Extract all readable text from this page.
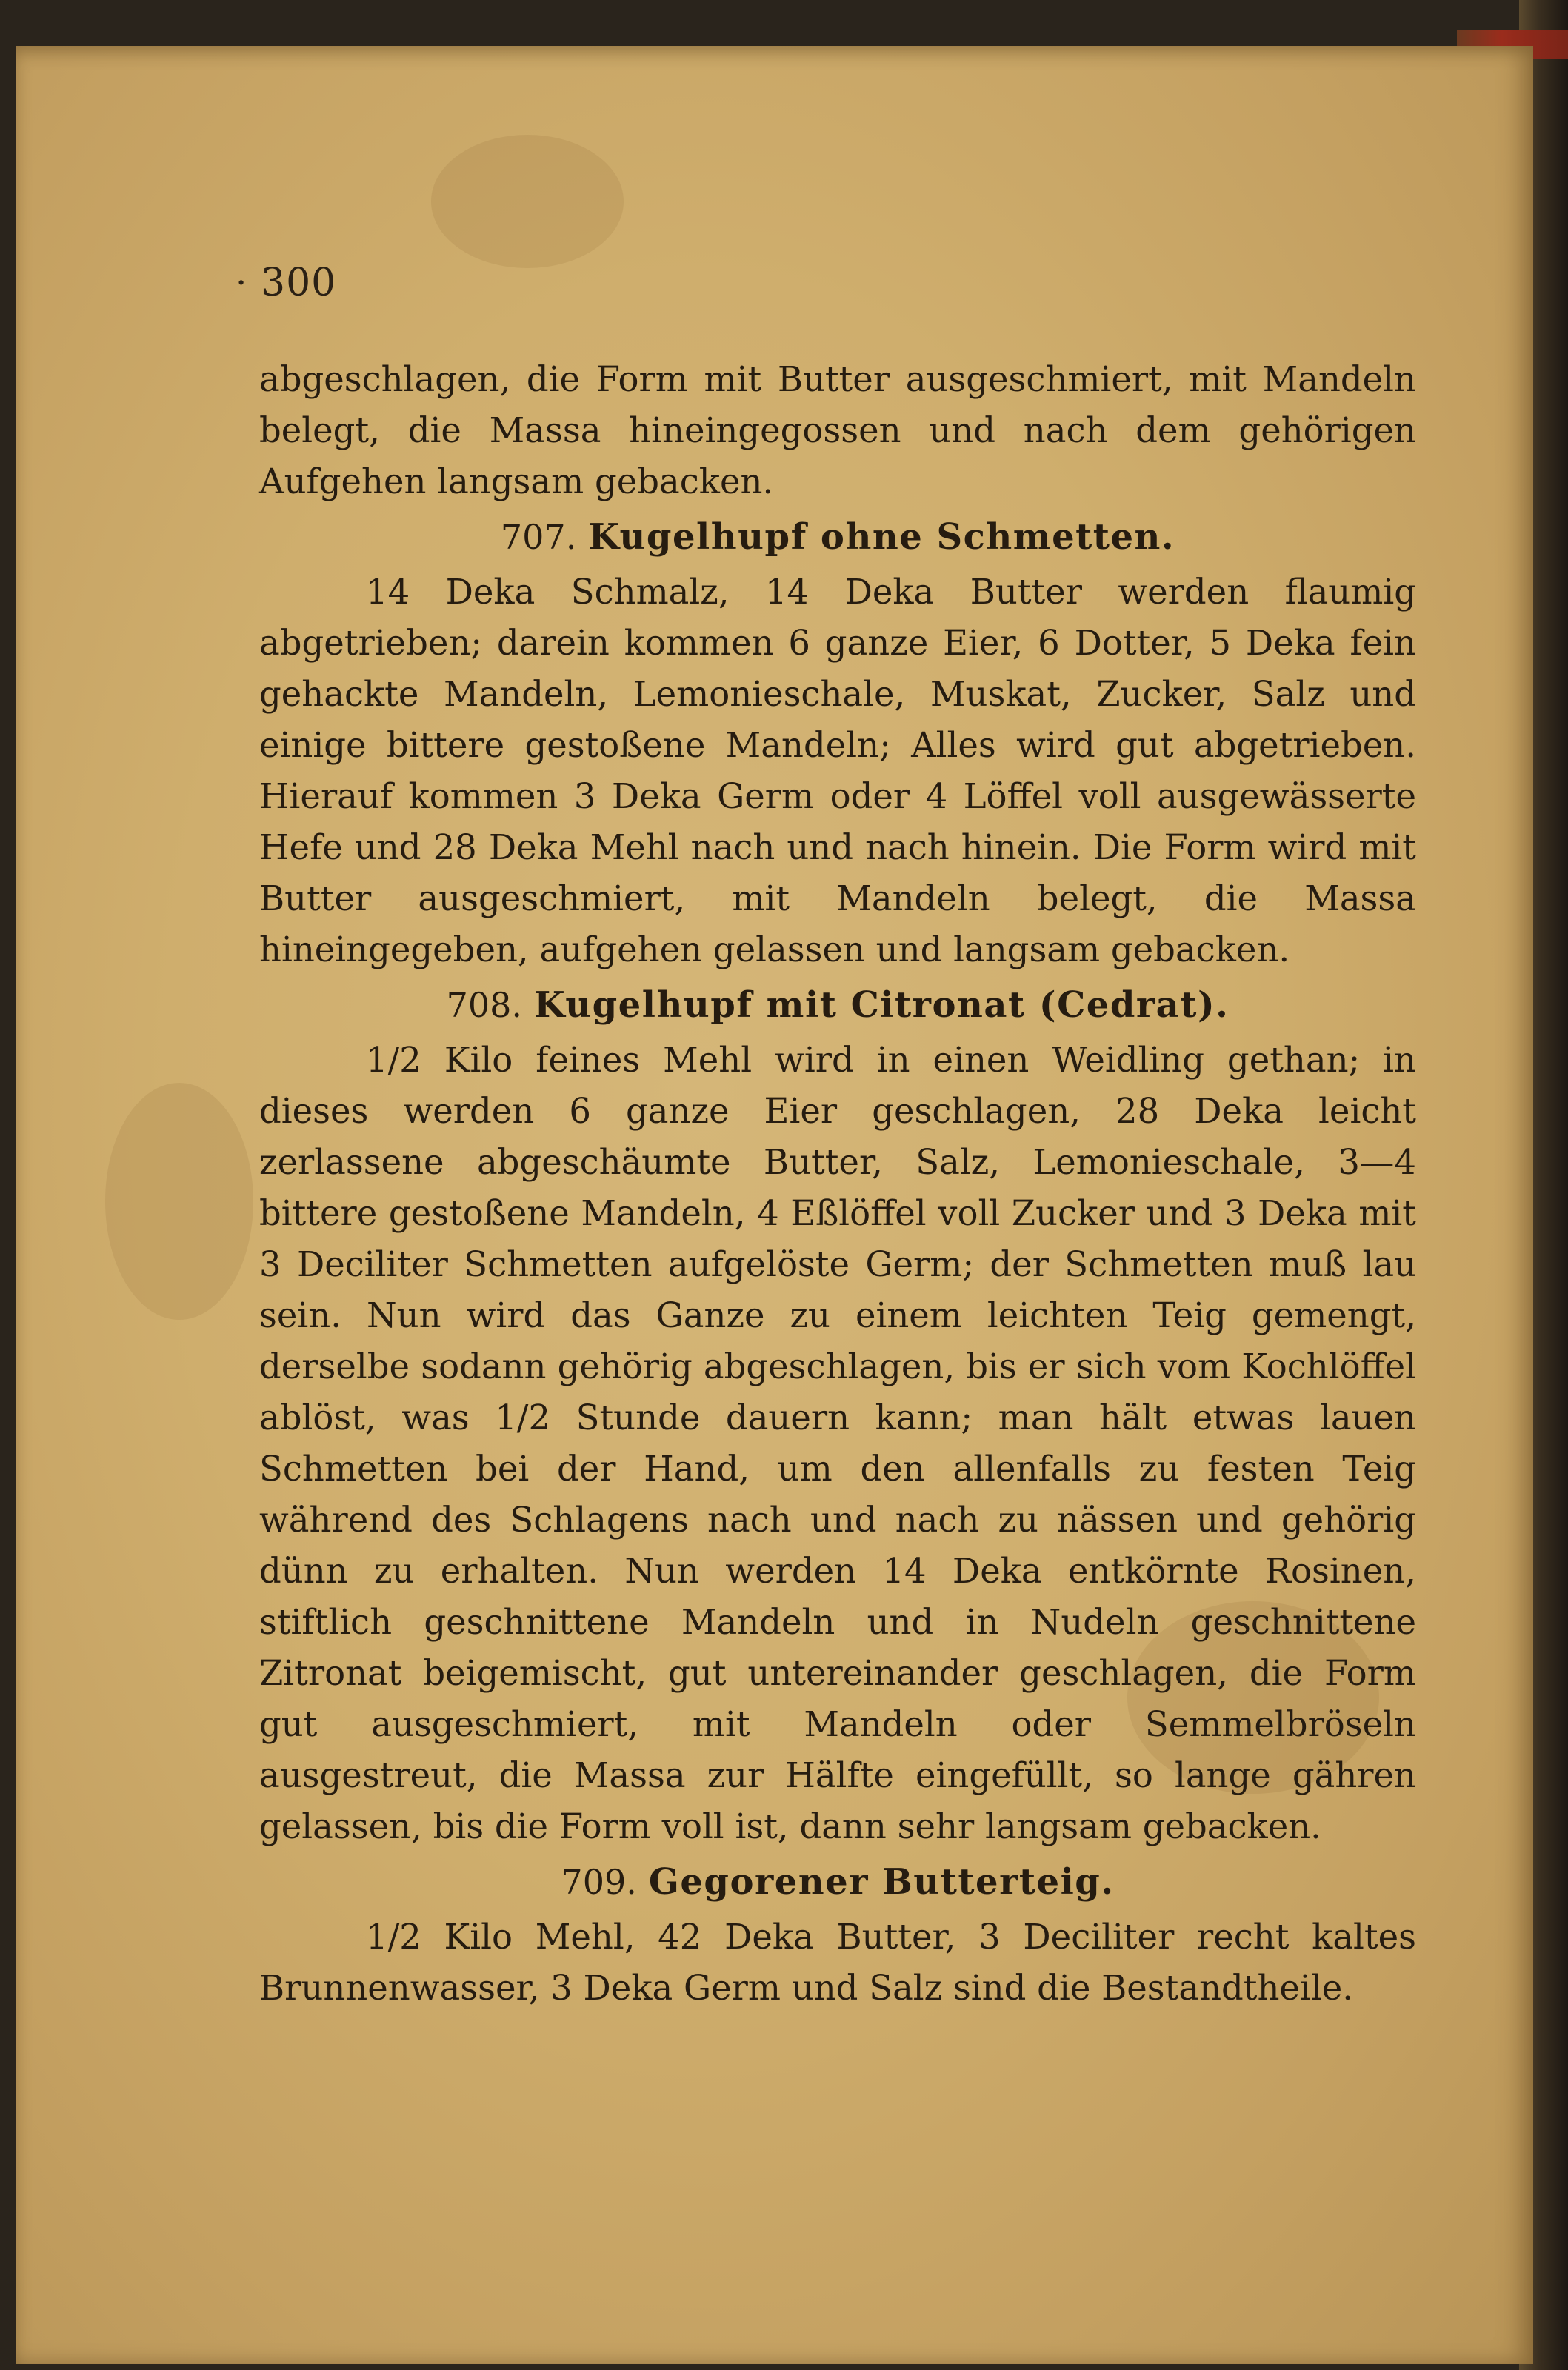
· 300

abgeschlagen, die Form mit Butter ausgeschmiert, mit Mandeln belegt, die Massa hineingegossen und nach dem gehörigen Aufgehen langsam gebacken.

707. Kugelhupf ohne Schmetten.

14 Deka Schmalz, 14 Deka Butter werden flaumig abgetrieben; darein kommen 6 ganze Eier, 6 Dotter, 5 Deka fein gehackte Mandeln, Lemonieschale, Muskat, Zucker, Salz und einige bittere gestoßene Mandeln; Alles wird gut abgetrieben. Hierauf kommen 3 Deka Germ oder 4 Löffel voll ausgewässerte Hefe und 28 Deka Mehl nach und nach hinein. Die Form wird mit Butter ausgeschmiert, mit Mandeln belegt, die Massa hineingegeben, aufgehen gelassen und langsam gebacken.

708. Kugelhupf mit Citronat (Cedrat).

1/2 Kilo feines Mehl wird in einen Weidling gethan; in dieses werden 6 ganze Eier geschlagen, 28 Deka leicht zerlassene abgeschäumte Butter, Salz, Lemonieschale, 3—4 bittere gestoßene Mandeln, 4 Eßlöffel voll Zucker und 3 Deka mit 3 Deciliter Schmetten aufgelöste Germ; der Schmetten muß lau sein. Nun wird das Ganze zu einem leichten Teig gemengt, derselbe sodann gehörig abgeschlagen, bis er sich vom Kochlöffel ablöst, was 1/2 Stunde dauern kann; man hält etwas lauen Schmetten bei der Hand, um den allenfalls zu festen Teig während des Schlagens nach und nach zu nässen und gehörig dünn zu erhalten. Nun werden 14 Deka entkörnte Rosinen, stiftlich geschnittene Mandeln und in Nudeln geschnittene Zitronat beigemischt, gut untereinander geschlagen, die Form gut ausgeschmiert, mit Mandeln oder Semmelbröseln ausgestreut, die Massa zur Hälfte eingefüllt, so lange gähren gelassen, bis die Form voll ist, dann sehr langsam gebacken.

709. Gegorener Butterteig.

1/2 Kilo Mehl, 42 Deka Butter, 3 Deciliter recht kaltes Brunnenwasser, 3 Deka Germ und Salz sind die Bestandtheile.
